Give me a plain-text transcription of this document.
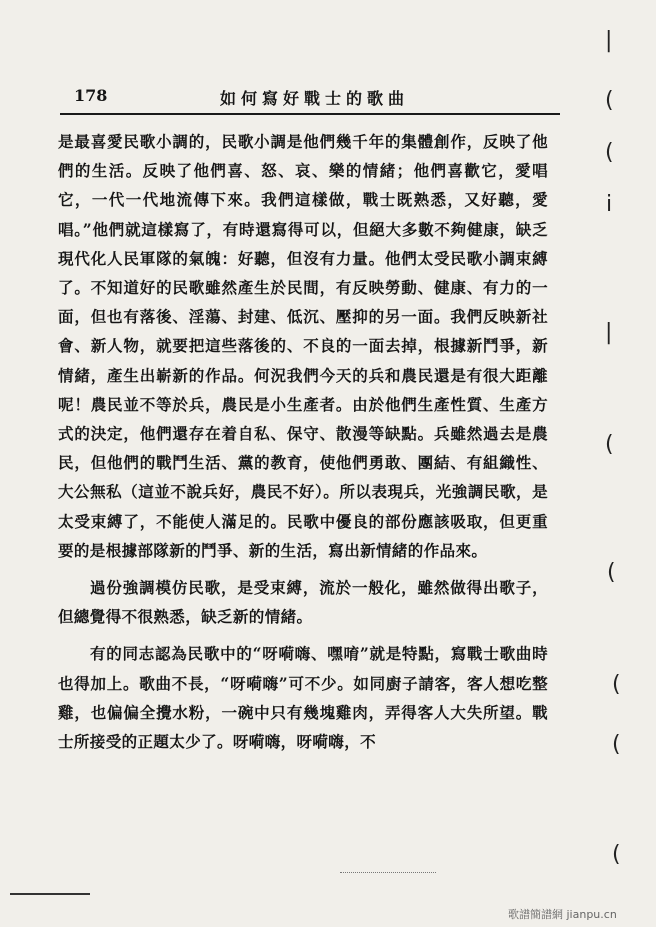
178	如何寫好戰士的歌曲

是最喜愛民歌小調的，民歌小調是他們幾千年的集體創作，反映了他們的生活。反映了他們喜、怒、哀、樂的情緒；他們喜歡它，愛唱它，一代一代地流傳下來。我們這樣做，戰士既熟悉，又好聽，愛唱。”他們就這樣寫了，有時還寫得可以，但絕大多數不夠健康，缺乏現代化人民軍隊的氣魄：好聽，但沒有力量。他們太受民歌小調束縛了。不知道好的民歌雖然產生於民間，有反映勞動、健康、有力的一面，但也有落後、淫蕩、封建、低沉、壓抑的另一面。我們反映新社會、新人物，就要把這些落後的、不良的一面去掉，根據新鬥爭，新情緒，產生出嶄新的作品。何況我們今天的兵和農民還是有很大距離呢！農民並不等於兵，農民是小生產者。由於他們生產性質、生產方式的決定，他們還存在着自私、保守、散漫等缺點。兵雖然過去是農民，但他們的戰鬥生活、黨的教育，使他們勇敢、團結、有組織性、大公無私（這並不說兵好，農民不好）。所以表現兵，光強調民歌，是太受束縛了，不能使人滿足的。民歌中優良的部份應該吸取，但更重要的是根據部隊新的鬥爭、新的生活，寫出新情緒的作品來。

過份強調模仿民歌，是受束縛，流於一般化，雖然做得出歌子，但總覺得不很熟悉，缺乏新的情緒。

有的同志認為民歌中的“呀嗬嗨、嘿唷”就是特點，寫戰士歌曲時也得加上。歌曲不長，“呀嗬嗨”可不少。如同廚子請客，客人想吃整雞，也偏偏全攪水粉，一碗中只有幾塊雞肉，弄得客人大失所望。戰士所接受的正題太少了。呀嗬嗨，呀嗬嗨，不

|
(
(
i
|
(
(
(
(
(
歌譜簡譜網 jianpu.cn
